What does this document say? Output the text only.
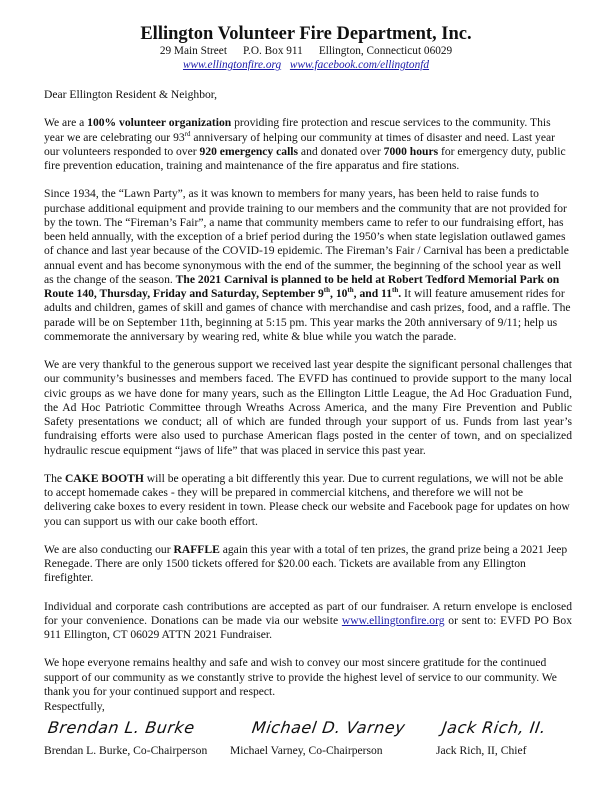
Ellington Volunteer Fire Department, Inc.
29 Main Street P.O. Box 911 Ellington, Connecticut 06029
www.ellingtonfire.org www.facebook.com/ellingtonfd

Dear Ellington Resident & Neighbor,

We are a 100% volunteer organization providing fire protection and rescue services to the community. This year we are celebrating our 93rd anniversary of helping our community at times of disaster and need. Last year our volunteers responded to over 920 emergency calls and donated over 7000 hours for emergency duty, public fire prevention education, training and maintenance of the fire apparatus and fire stations.

Since 1934, the “Lawn Party”, as it was known to members for many years, has been held to raise funds to purchase additional equipment and provide training to our members and the community that are not provided for by the town. The “Fireman’s Fair”, a name that community members came to refer to our fundraising effort, has been held annually, with the exception of a brief period during the 1950’s when state legislation outlawed games of chance and last year because of the COVID-19 epidemic. The Fireman’s Fair / Carnival has been a predictable annual event and has become synonymous with the end of the summer, the beginning of the school year as well as the change of the season. The 2021 Carnival is planned to be held at Robert Tedford Memorial Park on Route 140, Thursday, Friday and Saturday, September 9th, 10th, and 11th. It will feature amusement rides for adults and children, games of skill and games of chance with merchandise and cash prizes, food, and a raffle. The parade will be on September 11th, beginning at 5:15 pm. This year marks the 20th anniversary of 9/11; help us commemorate the anniversary by wearing red, white & blue while you watch the parade.

We are very thankful to the generous support we received last year despite the significant personal challenges that our community’s businesses and members faced. The EVFD has continued to provide support to the many local civic groups as we have done for many years, such as the Ellington Little League, the Ad Hoc Graduation Fund, the Ad Hoc Patriotic Committee through Wreaths Across America, and the many Fire Prevention and Public Safety presentations we conduct; all of which are funded through your support of us. Funds from last year’s fundraising efforts were also used to purchase American flags posted in the center of town, and on specialized hydraulic rescue equipment “jaws of life” that was placed in service this past year.

The CAKE BOOTH will be operating a bit differently this year. Due to current regulations, we will not be able to accept homemade cakes - they will be prepared in commercial kitchens, and therefore we will not be delivering cake boxes to every resident in town. Please check our website and Facebook page for updates on how you can support us with our cake booth effort.

We are also conducting our RAFFLE again this year with a total of ten prizes, the grand prize being a 2021 Jeep Renegade. There are only 1500 tickets offered for $20.00 each. Tickets are available from any Ellington firefighter.

Individual and corporate cash contributions are accepted as part of our fundraiser. A return envelope is enclosed for your convenience. Donations can be made via our website www.ellingtonfire.org or sent to: EVFD PO Box 911 Ellington, CT 06029 ATTN 2021 Fundraiser.

We hope everyone remains healthy and safe and wish to convey our most sincere gratitude for the continued support of our community as we constantly strive to provide the highest level of service to our community. We thank you for your continued support and respect.

Respectfully,
Brendan L. Burke
Brendan L. Burke, Co-Chairperson
Michael D. Varney
Michael Varney, Co-Chairperson
Jack Rich, II.
Jack Rich, II, Chief
